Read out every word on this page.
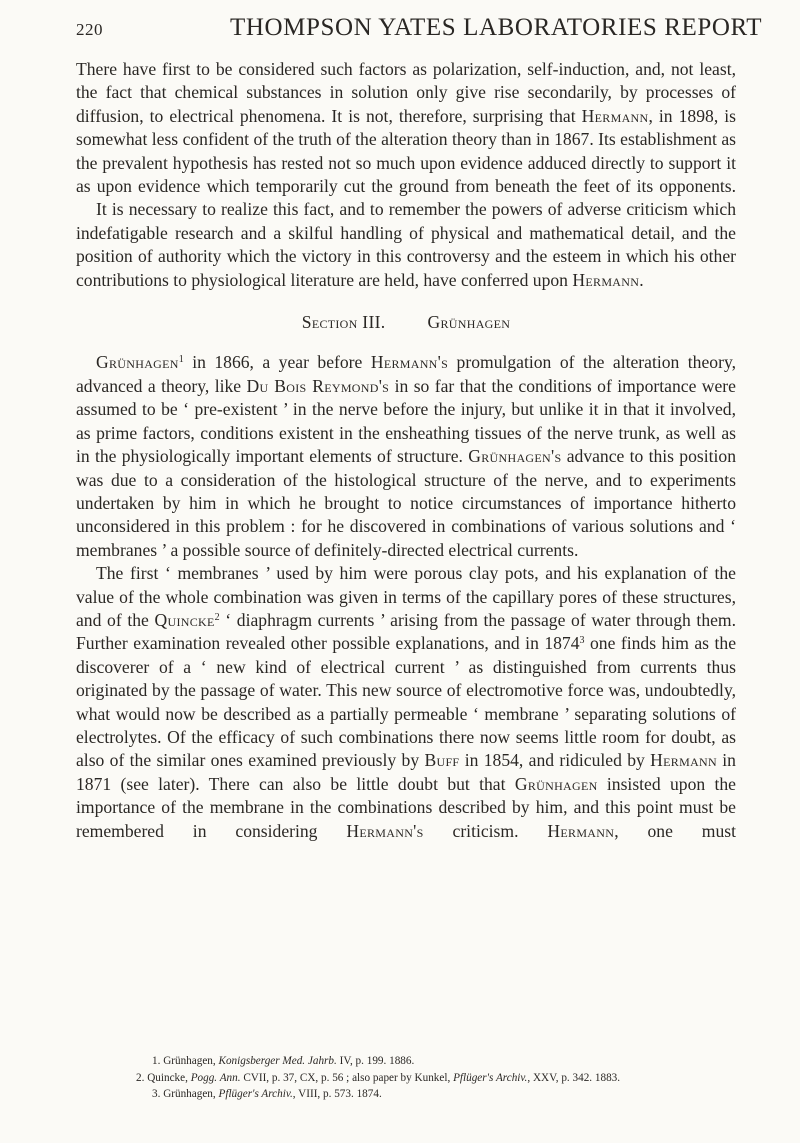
220	THOMPSON YATES LABORATORIES REPORT

There have first to be considered such factors as polarization, self-induction, and, not least, the fact that chemical substances in solution only give rise secondarily, by processes of diffusion, to electrical phenomena. It is not, therefore, surprising that Hermann, in 1898, is somewhat less confident of the truth of the alteration theory than in 1867. Its establishment as the prevalent hypothesis has rested not so much upon evidence adduced directly to support it as upon evidence which temporarily cut the ground from beneath the feet of its opponents.

It is necessary to realize this fact, and to remember the powers of adverse criticism which indefatigable research and a skilful handling of physical and mathematical detail, and the position of authority which the victory in this controversy and the esteem in which his other contributions to physiological literature are held, have conferred upon Hermann.

Section III. Grünhagen

Grünhagen$^1$ in 1866, a year before Hermann's promulgation of the alteration theory, advanced a theory, like Du Bois Reymond's in so far that the conditions of importance were assumed to be ‘ pre-existent ’ in the nerve before the injury, but unlike it in that it involved, as prime factors, conditions existent in the ensheathing tissues of the nerve trunk, as well as in the physiologically important elements of structure. Grünhagen's advance to this position was due to a consideration of the histological structure of the nerve, and to experiments undertaken by him in which he brought to notice circumstances of importance hitherto unconsidered in this problem : for he discovered in combinations of various solutions and ‘ membranes ’ a possible source of definitely-directed electrical currents.

The first ‘ membranes ’ used by him were porous clay pots, and his explanation of the value of the whole combination was given in terms of the capillary pores of these structures, and of the Quincke$^2$ ‘ diaphragm currents ’ arising from the passage of water through them. Further examination revealed other possible explanations, and in 1874$^3$ one finds him as the discoverer of a ‘ new kind of electrical current ’ as distinguished from currents thus originated by the passage of water. This new source of electromotive force was, undoubtedly, what would now be described as a partially permeable ‘ membrane ’ separating solutions of electrolytes. Of the efficacy of such combinations there now seems little room for doubt, as also of the similar ones examined previously by Buff in 1854, and ridiculed by Hermann in 1871 (see later). There can also be little doubt but that Grünhagen insisted upon the importance of the membrane in the combinations described by him, and this point must be remembered in considering Hermann's criticism. Hermann, one must

1. Grünhagen, Konigsberger Med. Jahrb. IV, p. 199. 1886.
2. Quincke, Pogg. Ann. CVII, p. 37, CX, p. 56 ; also paper by Kunkel, Pflüger's Archiv., XXV, p. 342. 1883.
3. Grünhagen, Pflüger's Archiv., VIII, p. 573. 1874.
